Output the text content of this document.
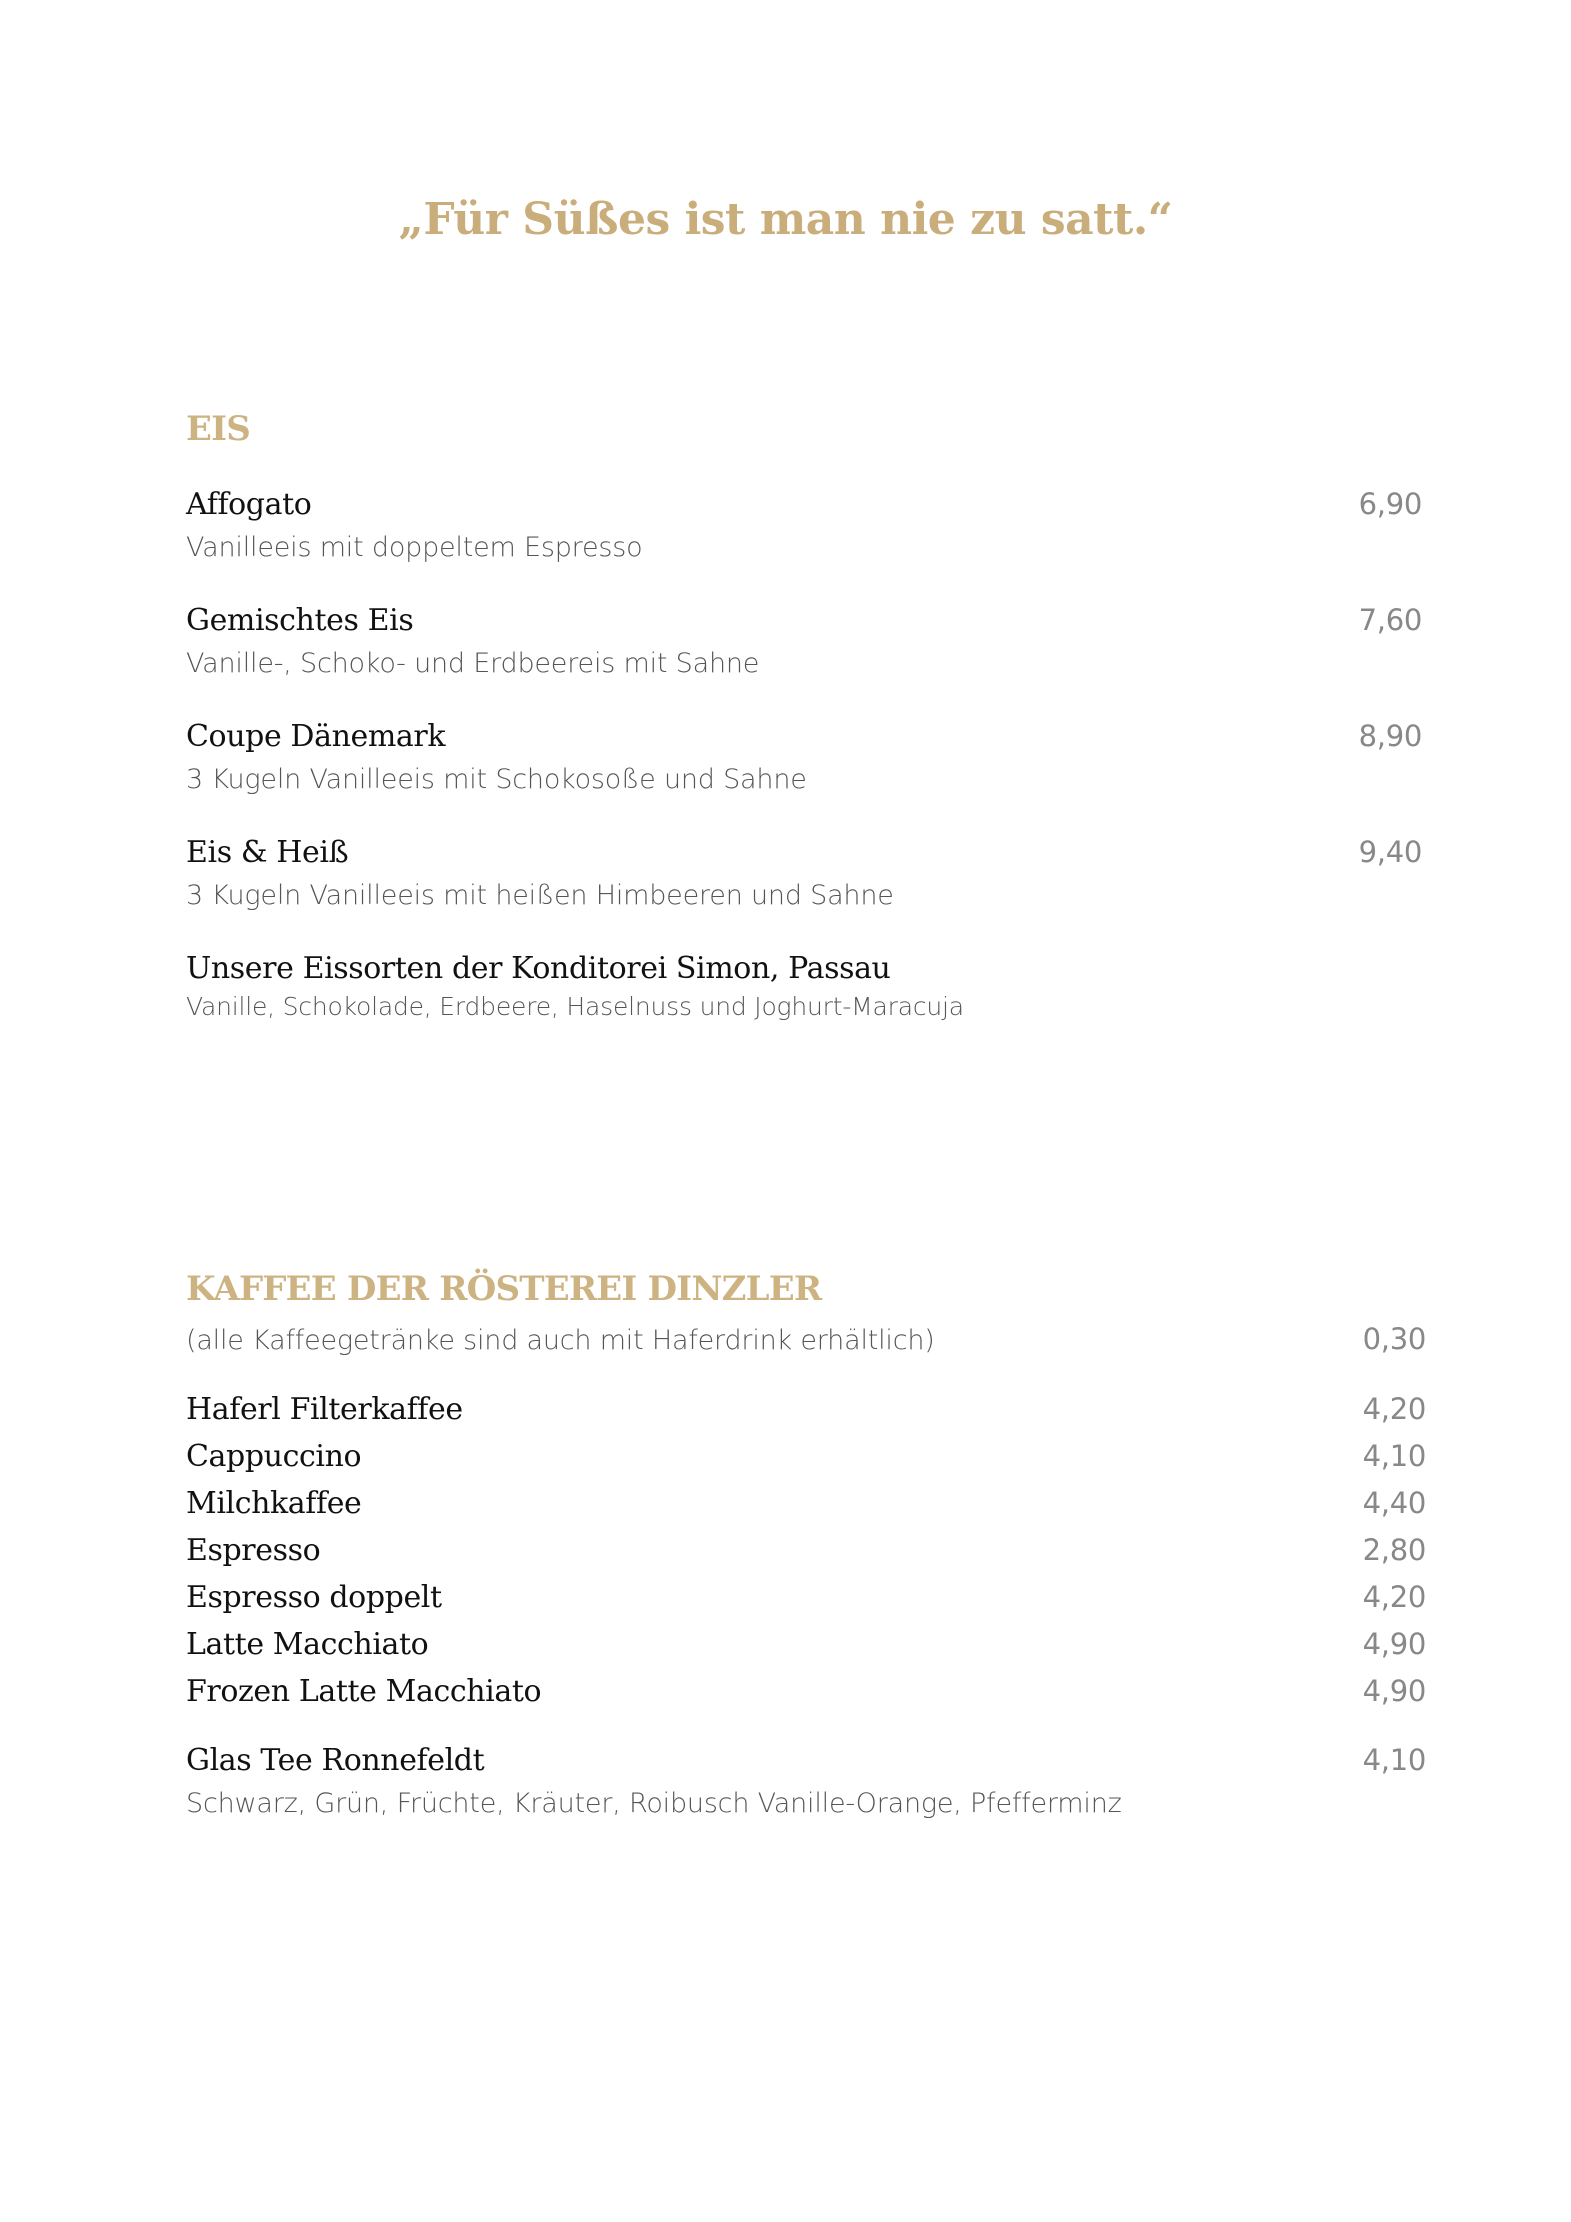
„Für Süßes ist man nie zu satt.“
EIS
Affogato	6,90
Vanilleeis mit doppeltem Espresso
Gemischtes Eis	7,60
Vanille-, Schoko- und Erdbeereis mit Sahne
Coupe Dänemark	8,90
3 Kugeln Vanilleeis mit Schokosoße und Sahne
Eis & Heiß	9,40
3 Kugeln Vanilleeis mit heißen Himbeeren und Sahne
Unsere Eissorten der Konditorei Simon, Passau
Vanille, Schokolade, Erdbeere, Haselnuss und Joghurt-Maracuja
KAFFEE DER RÖSTEREI DINZLER
(alle Kaffeegetränke sind auch mit Haferdrink erhältlich)	0,30
Haferl Filterkaffee	4,20
Cappuccino	4,10
Milchkaffee	4,40
Espresso	2,80
Espresso doppelt	4,20
Latte Macchiato	4,90
Frozen Latte Macchiato	4,90
Glas Tee Ronnefeldt	4,10
Schwarz, Grün, Früchte, Kräuter, Roibusch Vanille-Orange, Pfefferminz
